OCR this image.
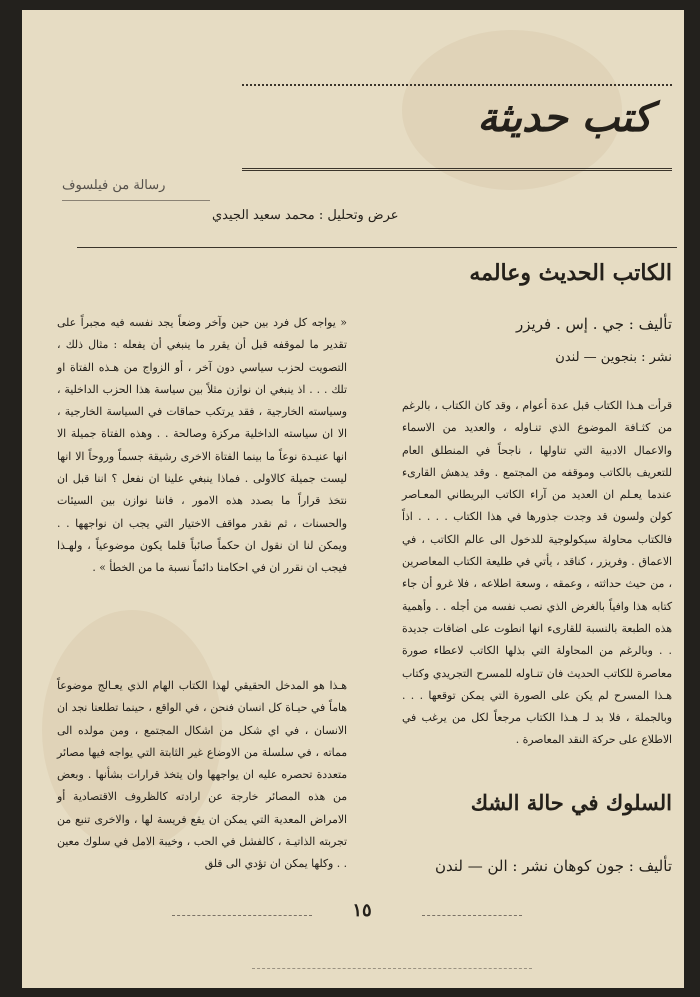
كتب حديثة
رسالة من فيلسوف
عرض وتحليل : محمد سعيد الجيدي
الكاتب الحديث وعالمه
تأليف : جي . إس . فريزر
نشر : بنجوين — لندن
قرأت هـذا الكتاب قبل عدة أعوام ، وقد كان الكتاب ، بالرغم من كثـافة الموضوع الذي تنـاوله ، والعديد من الاسماء والاعمال الادبية التي تناولها ، ناجحاً في المنطلق العام للتعريف بالكاتب وموقفه من المجتمع . وقد يدهش القارىء عندما يعـلم ان العديد من آراء الكاتب البريطاني المعـاصر كولن ولسون قد وجدت جذورها في هذا الكتاب . . . . اذاً فالكتاب محاولة سيكولوجية للدخول الى عالم الكاتب ، في الاعماق . وفريزر ، كناقد ، يأتي في طليعة الكتاب المعاصرين ، من حيث حداثته ، وعمقه ، وسعة اطلاعه ، فلا غرو أن جاء كتابه هذا وافياً بالغرض الذي نصب نفسه من أجله . . وأهمية هذه الطبعة بالنسبة للقارىء انها انطوت على اضافات جديدة . . وبالرغم من المحاولة التي بذلها الكاتب لاعطاء صورة معاصرة للكاتب الحديث فان تنـاوله للمسرح التجريدي وكتاب هـذا المسرح لم يكن على الصورة التي يمكن توقعها . . . وبالجملة ، فلا بد لـ هـذا الكتاب مرجعاً لكل من يرغب في الاطلاع على حركة النقد المعاصرة .
« يواجه كل فرد بين حين وآخر وضعاً يجد نفسه فيه مجبراً على تقدير ما لموقفه قبل أن يقرر ما ينبغي أن يفعله : مثال ذلك ، التصويت لحزب سياسي دون آخر ، أو الزواج من هـذه الفتاة او تلك . . . اذ ينبغي ان نوازن مثلاً بين سياسة هذا الحزب الداخلية ، وسياسته الخارجية ، فقد يرتكب حماقات في السياسة الخارجية ، الا ان سياسته الداخلية مركزة وصالحة . . وهذه الفتاة جميلة الا انها عنيـدة نوعاً ما بينما الفتاة الاخرى رشيقة جسماً وروحاً الا انها ليست جميلة كالاولى . فماذا ينبغي علينا ان نفعل ؟ اننا قبل ان نتخذ قراراً ما بصدد هذه الامور ، فاننا نوازن بين السيئات والحسنات ، ثم نقدر مواقف الاختيار التي يجب ان نواجهها . . ويمكن لنا ان نقول ان حكماً صائباً قلما يكون موضوعياً ، ولهـذا فيجب ان نقرر ان في احكامنا دائماً نسبة ما من الخطأ » .
هـذا هو المدخل الحقيقي لهذا الكتاب الهام الذي يعـالج موضوعاً هاماً في حيـاة كل انسان فنحن ، في الواقع ، حينما تطلعنا نجد ان الانسان ، في اي شكل من اشكال المجتمع ، ومن مولده الى مماته ، في سلسلة من الاوضاع غير الثابتة التي يواجه فيها مصائر متعددة تحصره عليه ان يواجهها وان يتخذ قرارات بشأنها . وبعض من هذه المصائر خارجة عن ارادته كالظروف الاقتصادية أو الامراض المعدية التي يمكن ان يقع فريسة لها ، والاخرى تنبع من تجربته الذاتيـة ، كالفشل في الحب ، وخيبة الامل في سلوك معين . . وكلها يمكن ان تؤدي الى قلق
السلوك في حالة الشك
تأليف : جون كوهان نشر : الن — لندن
١٥
